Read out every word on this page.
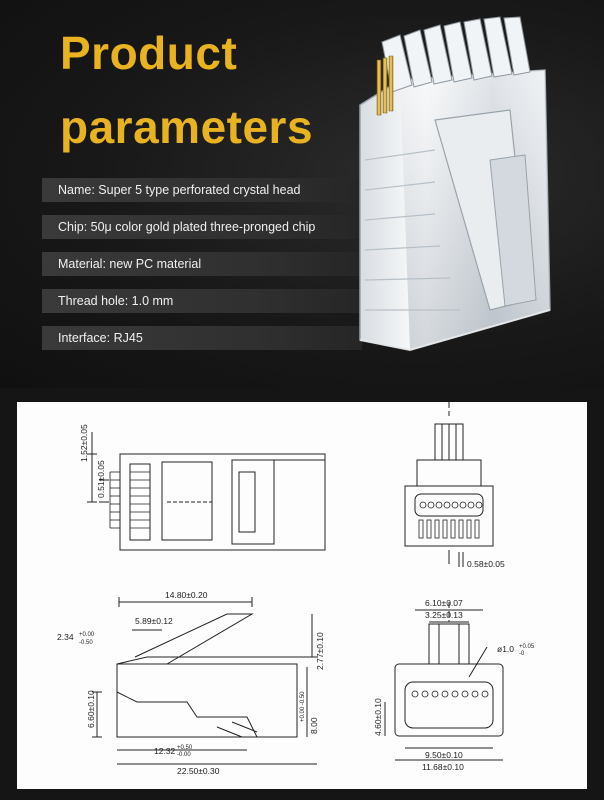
Product
parameters
Name: Super 5 type perforated crystal head
Chip: 50μ color gold plated three-pronged chip
Material: new PC material
Thread hole: 1.0 mm
Interface: RJ45
1.52±0.05
0.51±0.05
0.58±0.05
14.80±0.20
5.89±0.12
2.34 +0.00
-0.50	2.77±0.10
6.60±0.10	8.00
+0.00 -0.50
12.32 +0.50
-0.00
22.50±0.30
6.10±0.07
3.25±0.13
ø1.0 +0.05
-0
4.60±0.10
9.50±0.10
11.68±0.10
